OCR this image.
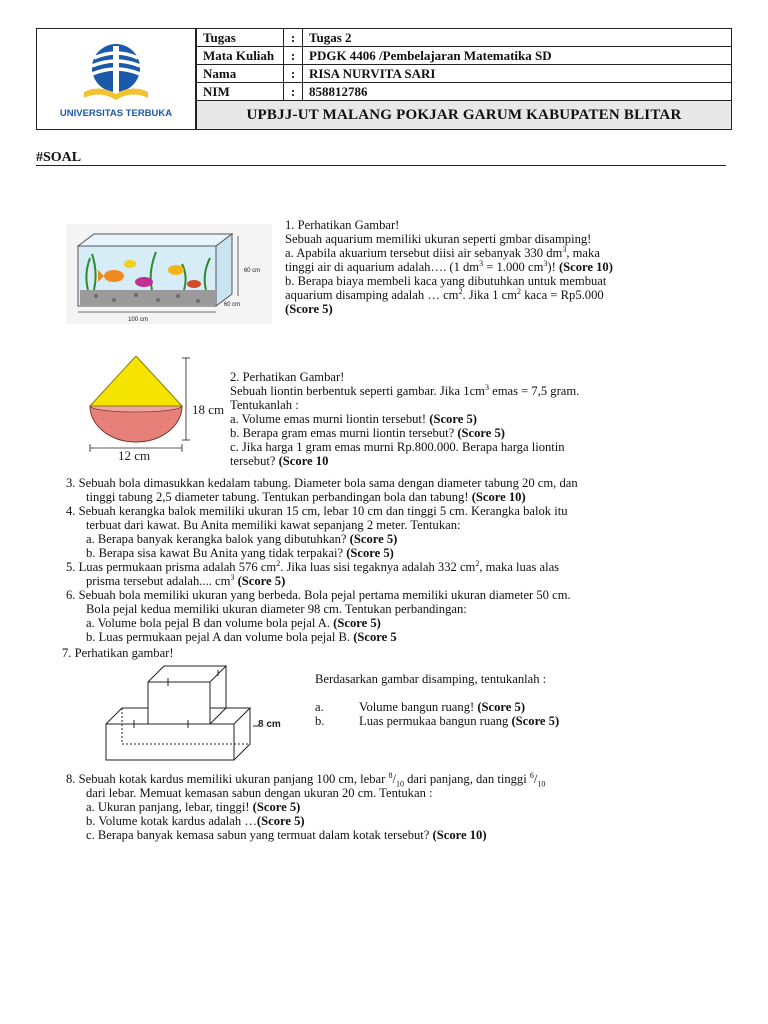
UNIVERSITAS TERBUKA
Tugas	:	Tugas 2
Mata Kuliah	:	PDGK 4406 /Pembelajaran Matematika SD
Nama	:	RISA NURVITA SARI
NIM	:	858812786
UPBJJ-UT MALANG POKJAR GARUM KABUPATEN BLITAR		
#SOAL
100 cm
60 cm
60 cm
1. Perhatikan Gambar!
Sebuah aquarium memiliki ukuran seperti gmbar disamping!
a. Apabila akuarium tersebut diisi air sebanyak 330 $dm^3$, maka
tinggi air di aquarium adalah…. (1 $dm^3 = 1.000$ $cm^3$)! (Score 10)
b. Berapa biaya membeli kaca yang dibutuhkan untuk membuat
aquarium disamping adalah … $cm^2$. Jika 1 $cm^2$ kaca = Rp5.000
(Score 5)
18 cm
12 cm
2. Perhatikan Gambar!
Sebuah liontin berbentuk seperti gambar. Jika $1cm^3$ emas = 7,5 gram.
Tentukanlah :
a. Volume emas murni liontin tersebut! (Score 5)
b. Berapa gram emas murni liontin tersebut? (Score 5)
c. Jika harga 1 gram emas murni Rp.800.000. Berapa harga liontin
tersebut? (Score 10
3. Sebuah bola dimasukkan kedalam tabung. Diameter bola sama dengan diameter tabung 20 cm, dan
tinggi tabung 2,5 diameter tabung. Tentukan perbandingan bola dan tabung! (Score 10)
4. Sebuah kerangka balok memiliki ukuran 15 cm, lebar 10 cm dan tinggi 5 cm. Kerangka balok itu
terbuat dari kawat. Bu Anita memiliki kawat sepanjang 2 meter. Tentukan:
a. Berapa banyak kerangka balok yang dibutuhkan? (Score 5)
b. Berapa sisa kawat Bu Anita yang tidak terpakai? (Score 5)
5. Luas permukaan prisma adalah 576 $cm^2$. Jika luas sisi tegaknya adalah 332 $cm^2$, maka luas alas
prisma tersebut adalah.... $cm^3$ (Score 5)
6. Sebuah bola memiliki ukuran yang berbeda. Bola pejal pertama memiliki ukuran diameter 50 cm.
Bola pejal kedua memiliki ukuran diameter 98 cm. Tentukan perbandingan:
a. Volume bola pejal B dan volume bola pejal A. (Score 5)
b. Luas permukaan pejal A dan volume bola pejal B. (Score 5
7. Perhatikan gambar!
8 cm
Berdasarkan gambar disamping, tentukanlah :
a.	Volume bangun ruang! (Score 5)
b.	Luas permukaa bangun ruang (Score 5)
8. Sebuah kotak kardus memiliki ukuran panjang 100 cm, lebar $^8/_{10}$ dari panjang, dan tinggi $^6/_{10}$
dari lebar. Memuat kemasan sabun dengan ukuran 20 cm. Tentukan :
a. Ukuran panjang, lebar, tinggi! (Score 5)
b. Volume kotak kardus adalah …(Score 5)
c. Berapa banyak kemasa sabun yang termuat dalam kotak tersebut? (Score 10)
